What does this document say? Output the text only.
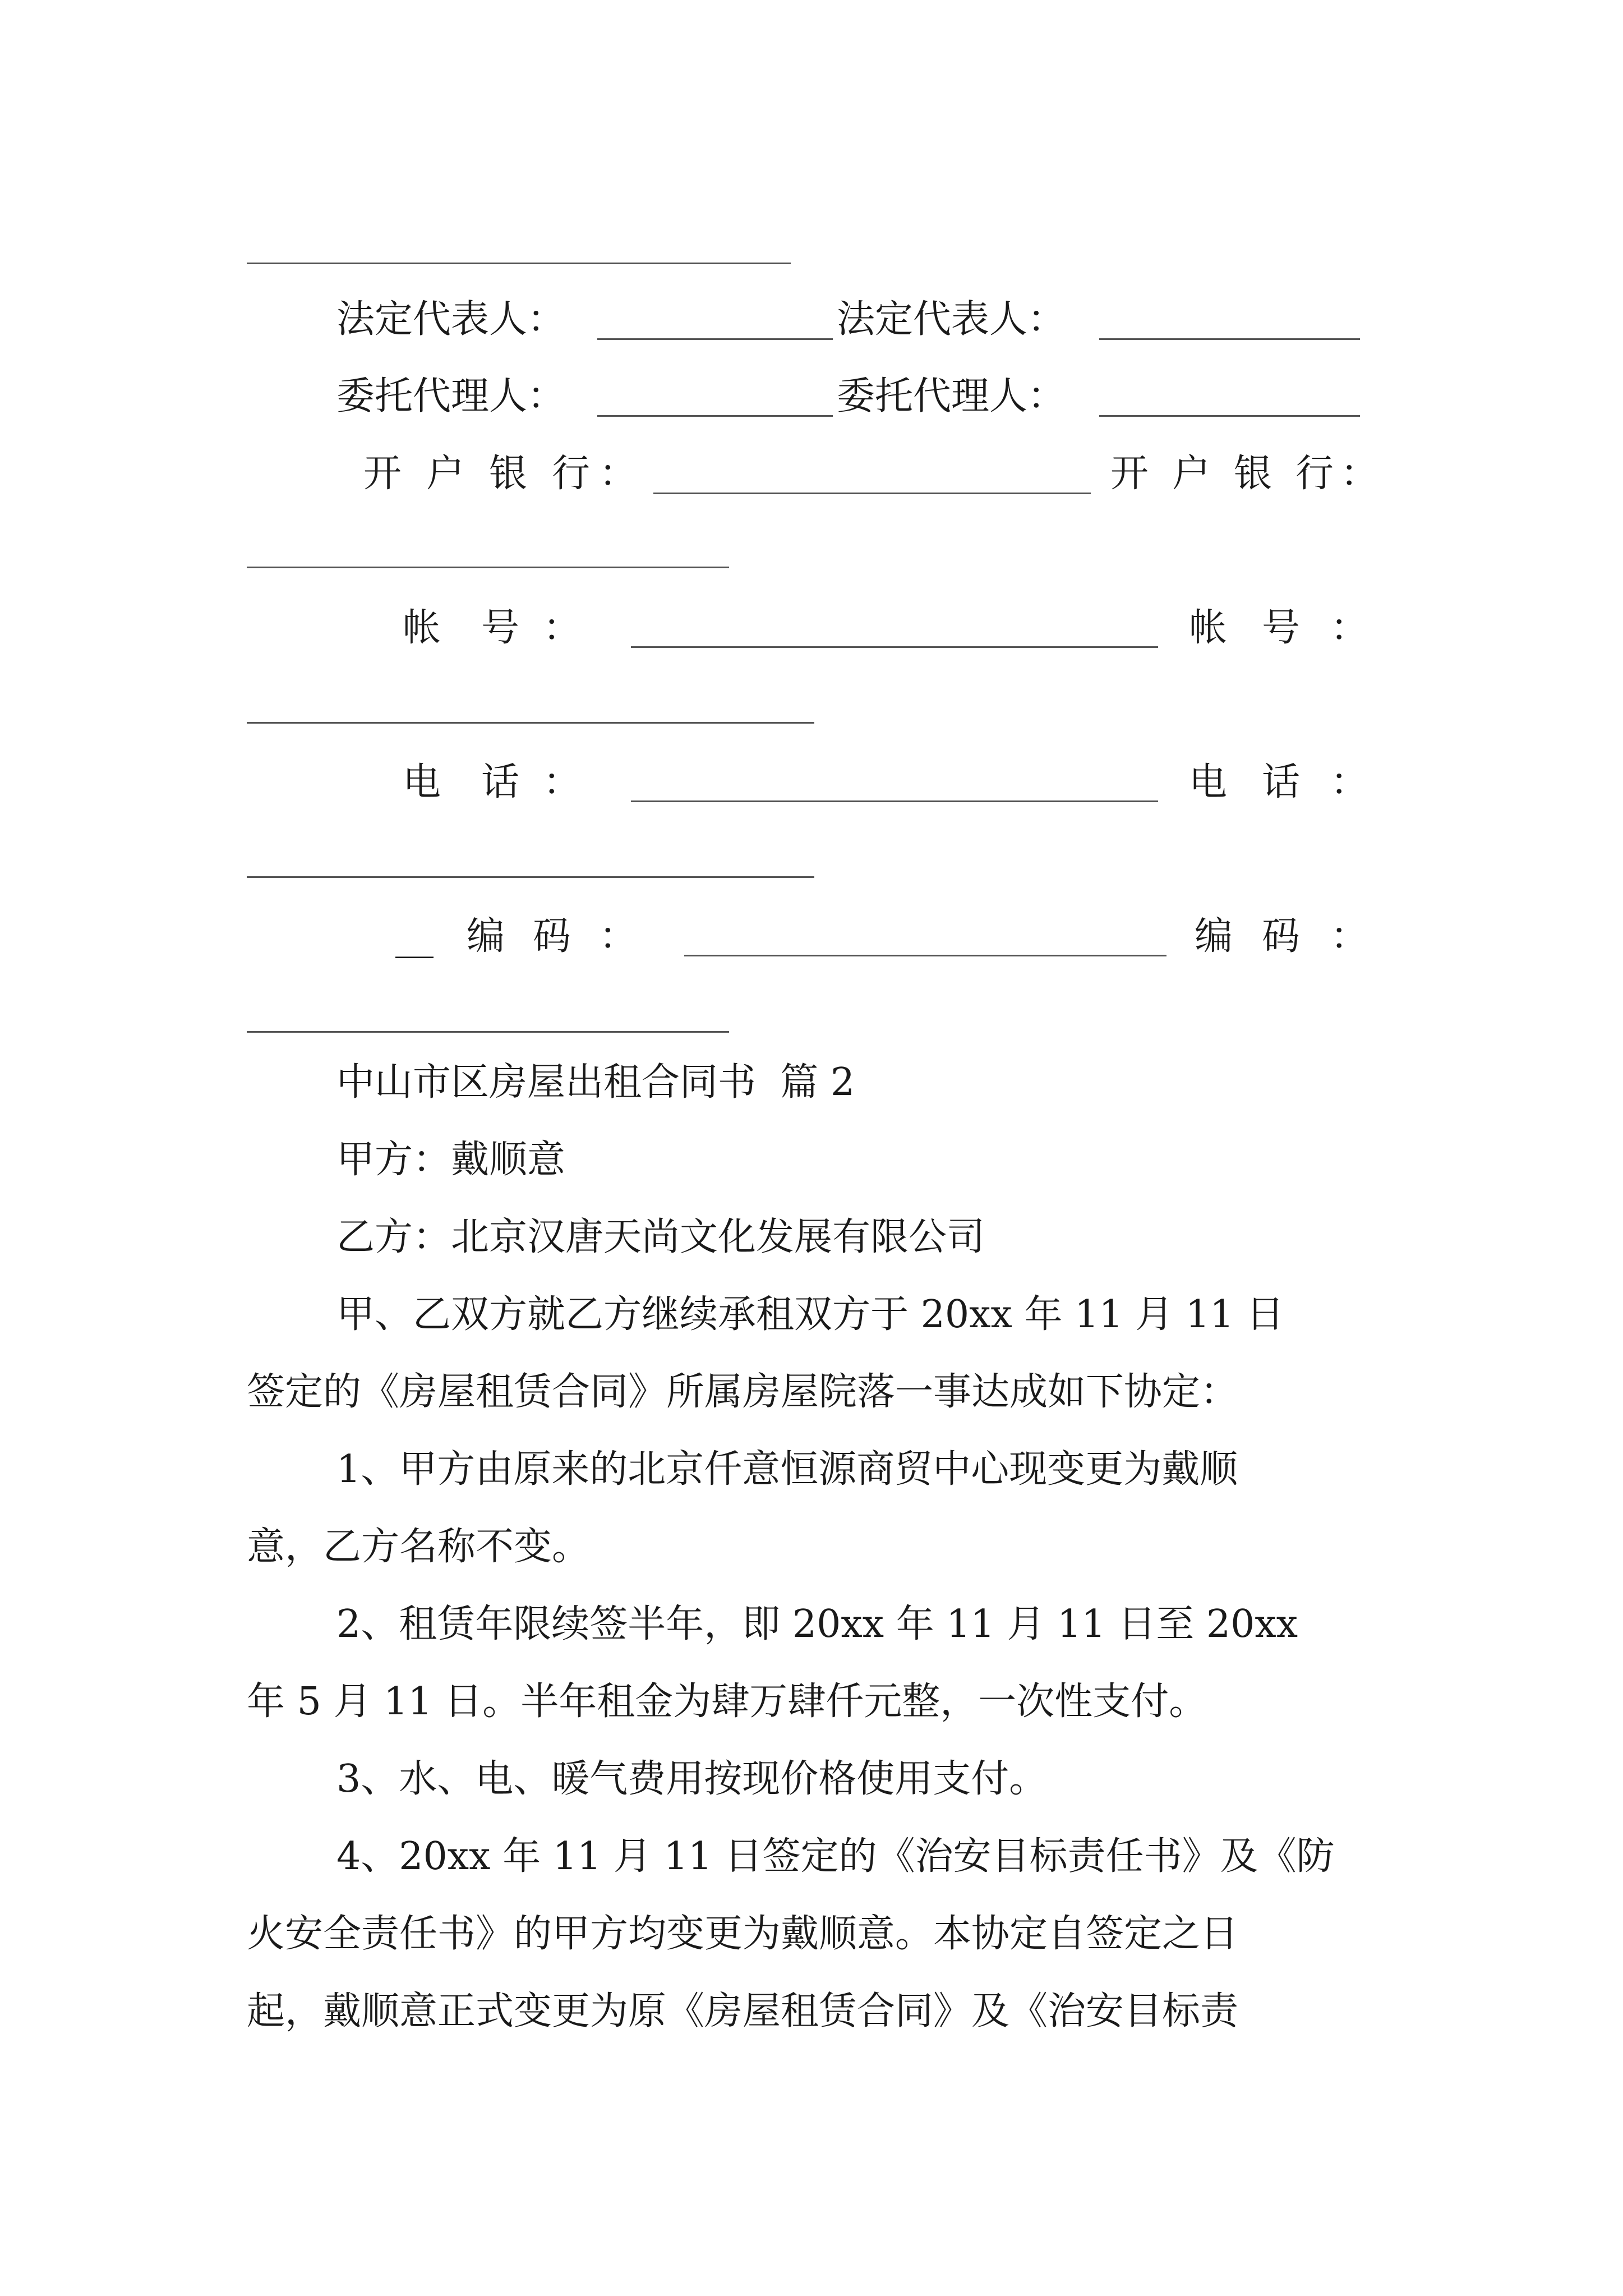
法定代表人：	法定代表人：
委托代理人：	委托代理人：
开 户 银 行 ：	开 户 银 行 ：
帐 号 ：	帐 号 ：
电 话 ：	电 话 ：
__ 编 码 ：	编 码 ：
中山市区房屋出租合同书  篇 2
甲方：戴顺意
乙方：北京汉唐天尚文化发展有限公司
甲、乙双方就乙方继续承租双方于 20xx 年 11 月 11 日
签定的《房屋租赁合同》所属房屋院落一事达成如下协定：
1、甲方由原来的北京仟意恒源商贸中心现变更为戴顺
意，乙方名称不变。
2、租赁年限续签半年，即 20xx 年 11 月 11 日至 20xx
年 5 月 11 日。半年租金为肆万肆仟元整，一次性支付。
3、水、电、暖气费用按现价格使用支付。
4、20xx 年 11 月 11 日签定的《治安目标责任书》及《防
火安全责任书》的甲方均变更为戴顺意。本协定自签定之日
起，戴顺意正式变更为原《房屋租赁合同》及《治安目标责
